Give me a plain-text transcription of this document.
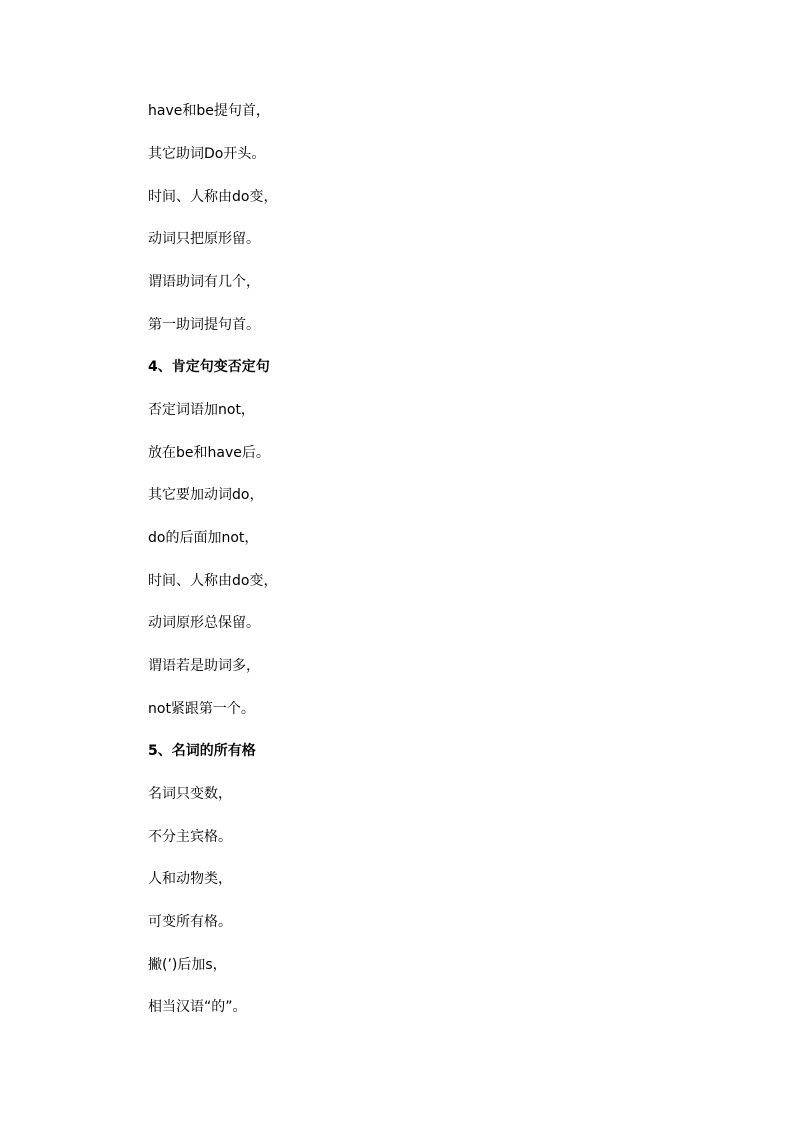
have和be提句首，
其它助词Do开头。
时间、人称由do变，
动词只把原形留。
谓语助词有几个，
第一助词提句首。
4、肯定句变否定句
否定词语加not，
放在be和have后。
其它要加动词do，
do的后面加not，
时间、人称由do变，
动词原形总保留。
谓语若是助词多，
not紧跟第一个。
5、名词的所有格
名词只变数，
不分主宾格。
人和动物类，
可变所有格。
撇(’)后加s，
相当汉语“的”。
